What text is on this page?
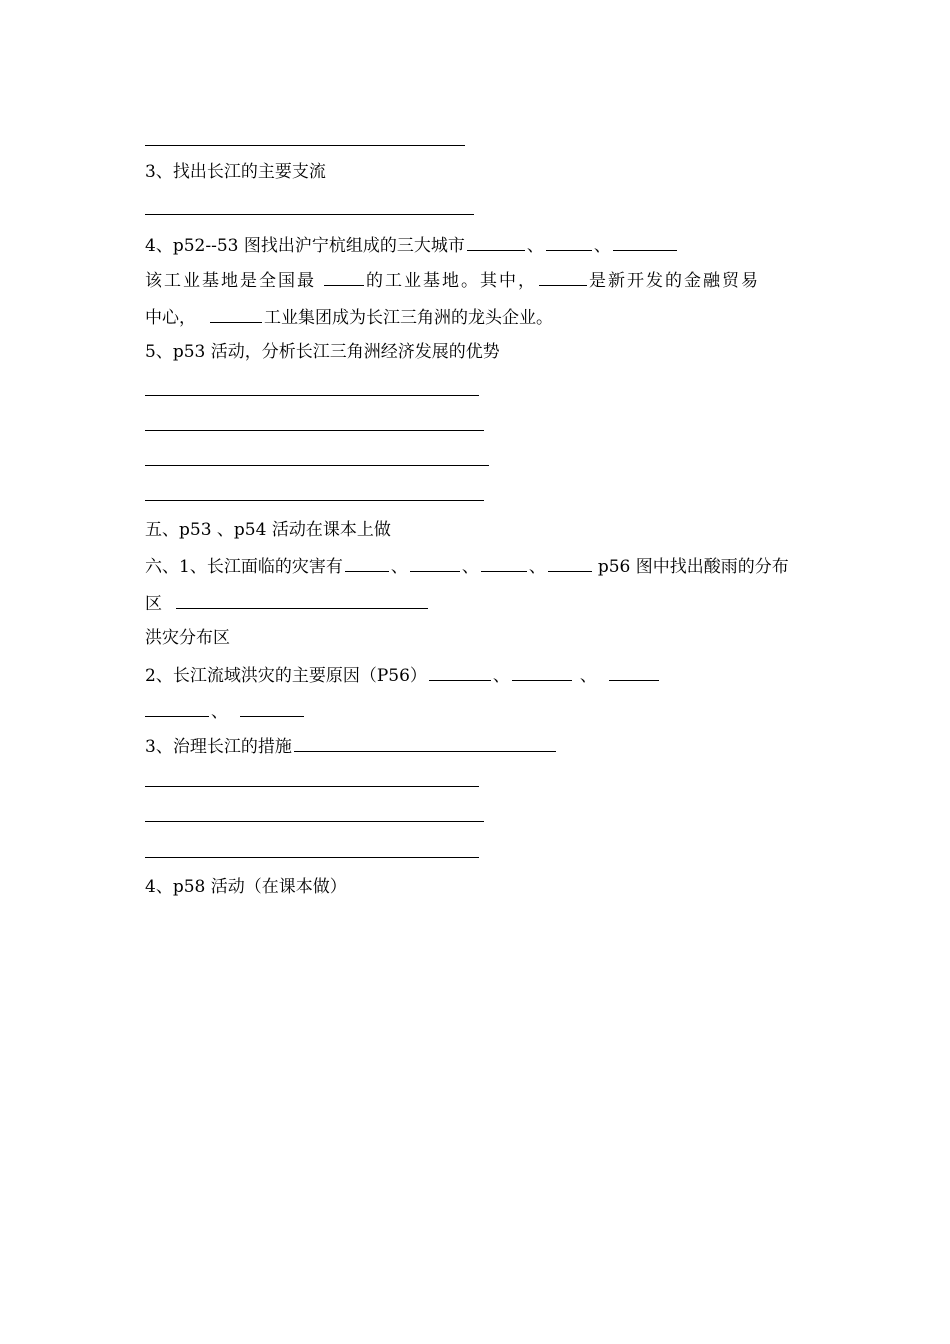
3、找出长江的主要支流
4、p52--53 图找出沪宁杭组成的三大城市	、	、
该工业基地是全国最	的工业基地。其中，	是新开发的金融贸易
中心，	工业集团成为长江三角洲的龙头企业。
5、p53 活动，分析长江三角洲经济发展的优势
五、p53 、p54 活动在课本上做
六、1、长江面临的灾害有	、	、	、	p56 图中找出酸雨的分布
区
洪灾分布区
2、长江流域洪灾的主要原因（P56）	、	、
、
3、治理长江的措施
4、p58 活动（在课本做）
